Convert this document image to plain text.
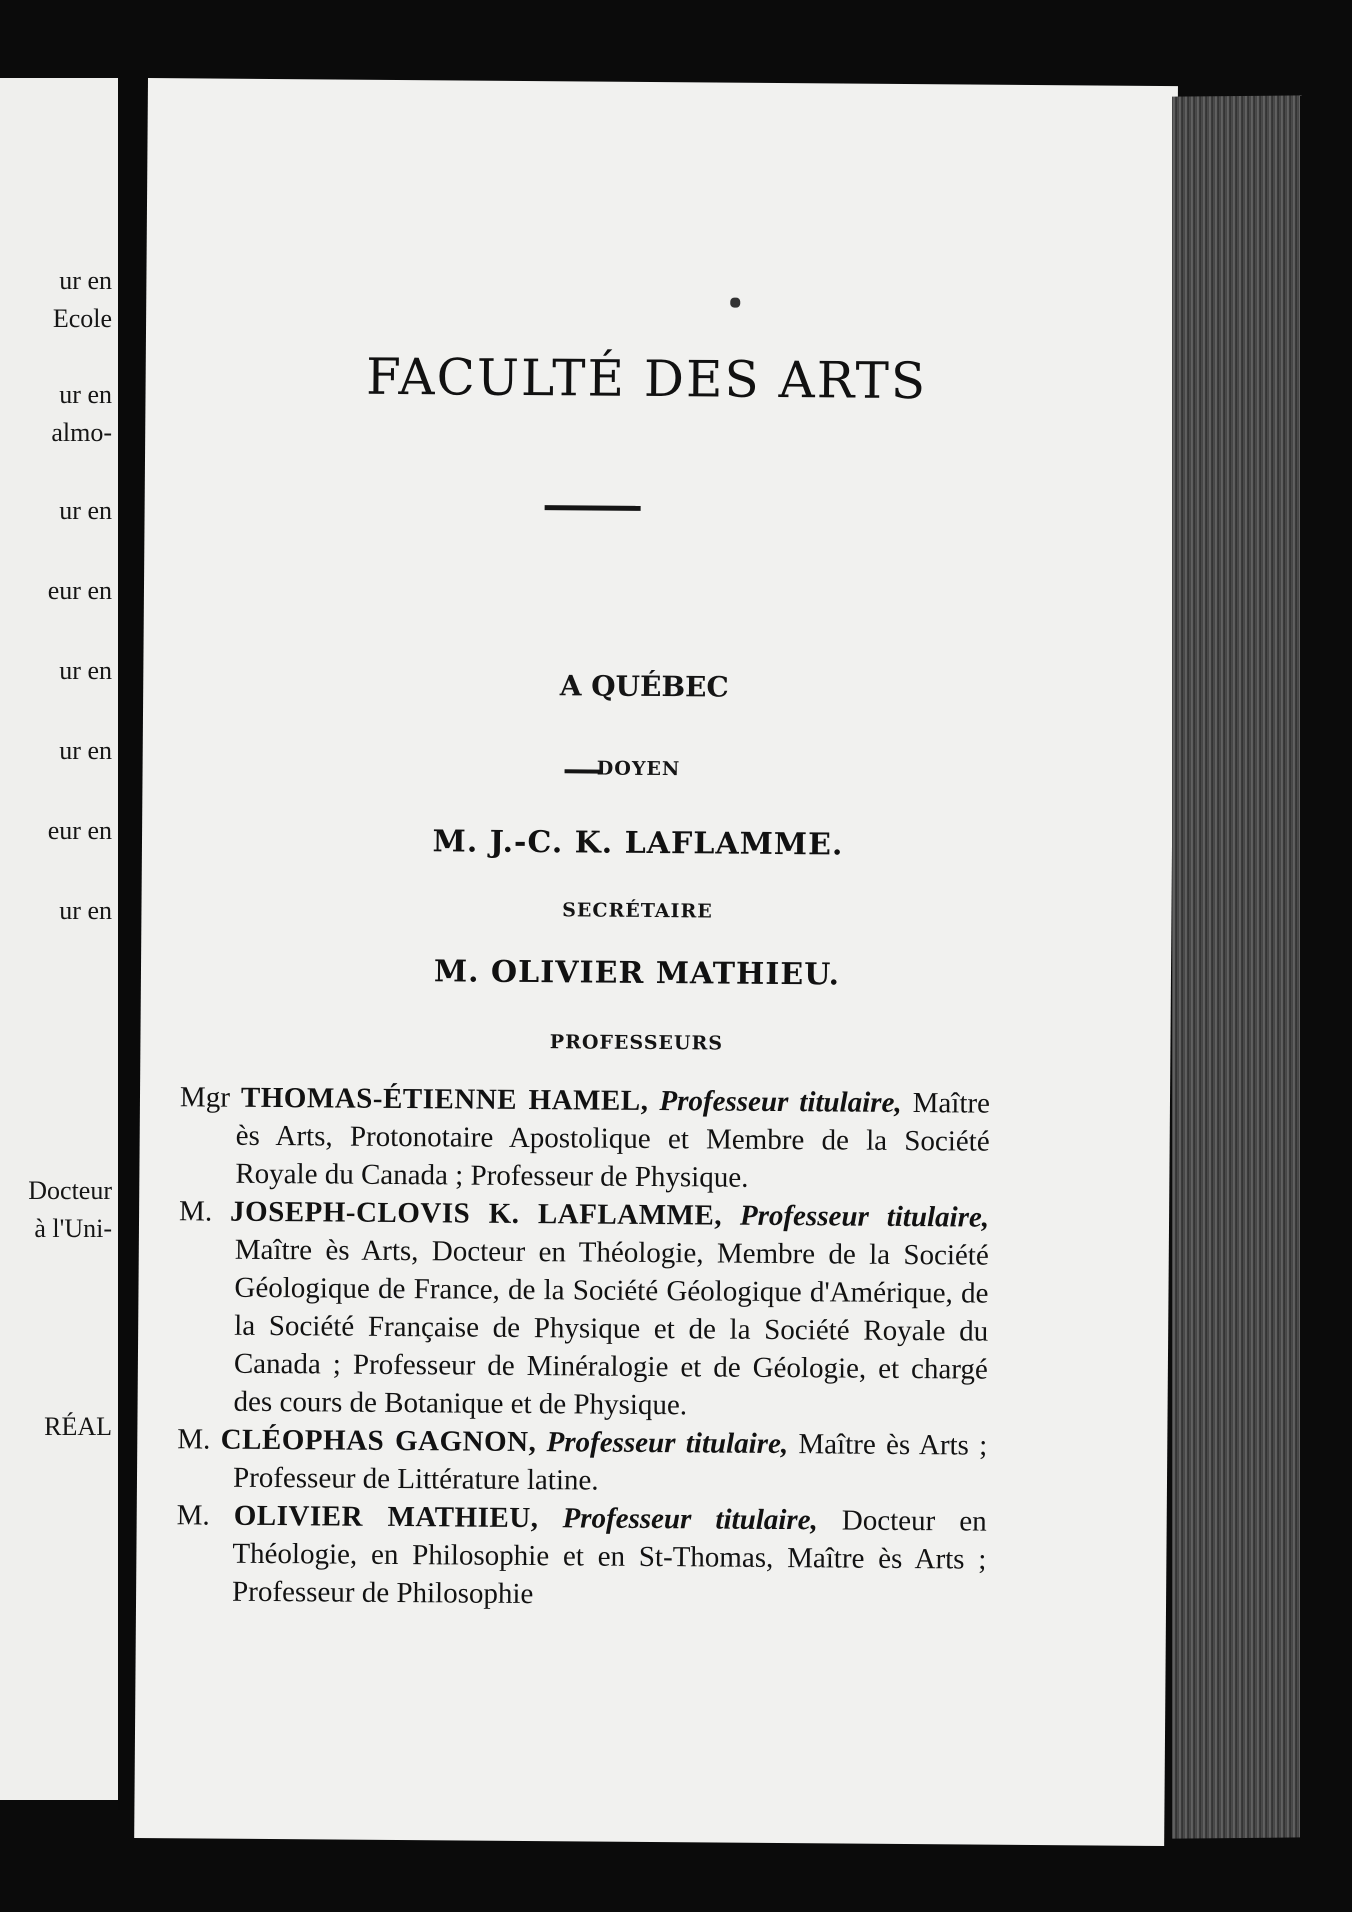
ur en
Ecole
ur en
almo-
ur en
eur en
ur en
ur en
eur en
ur en
Docteur
à l'Uni-
RÉAL
FACULTÉ DES ARTS
A QUÉBEC
DOYEN
M. J.-C. K. LAFLAMME.
SECRÉTAIRE
M. OLIVIER MATHIEU.
PROFESSEURS

Mgr THOMAS-ÉTIENNE HAMEL, Professeur titulaire, Maître ès Arts, Protonotaire Apostolique et Membre de la Société Royale du Canada ; Professeur de Physique.

M. JOSEPH-CLOVIS K. LAFLAMME, Professeur titulaire, Maître ès Arts, Docteur en Théologie, Membre de la Société Géologique de France, de la Société Géologique d'Amérique, de la Société Française de Physique et de la Société Royale du Canada ; Professeur de Minéralogie et de Géologie, et chargé des cours de Botanique et de Physique.

M. CLÉOPHAS GAGNON, Professeur titulaire, Maître ès Arts ; Professeur de Littérature latine.

M. OLIVIER MATHIEU, Professeur titulaire, Docteur en Théologie, en Philosophie et en St-Thomas, Maître ès Arts ; Professeur de Philosophie
